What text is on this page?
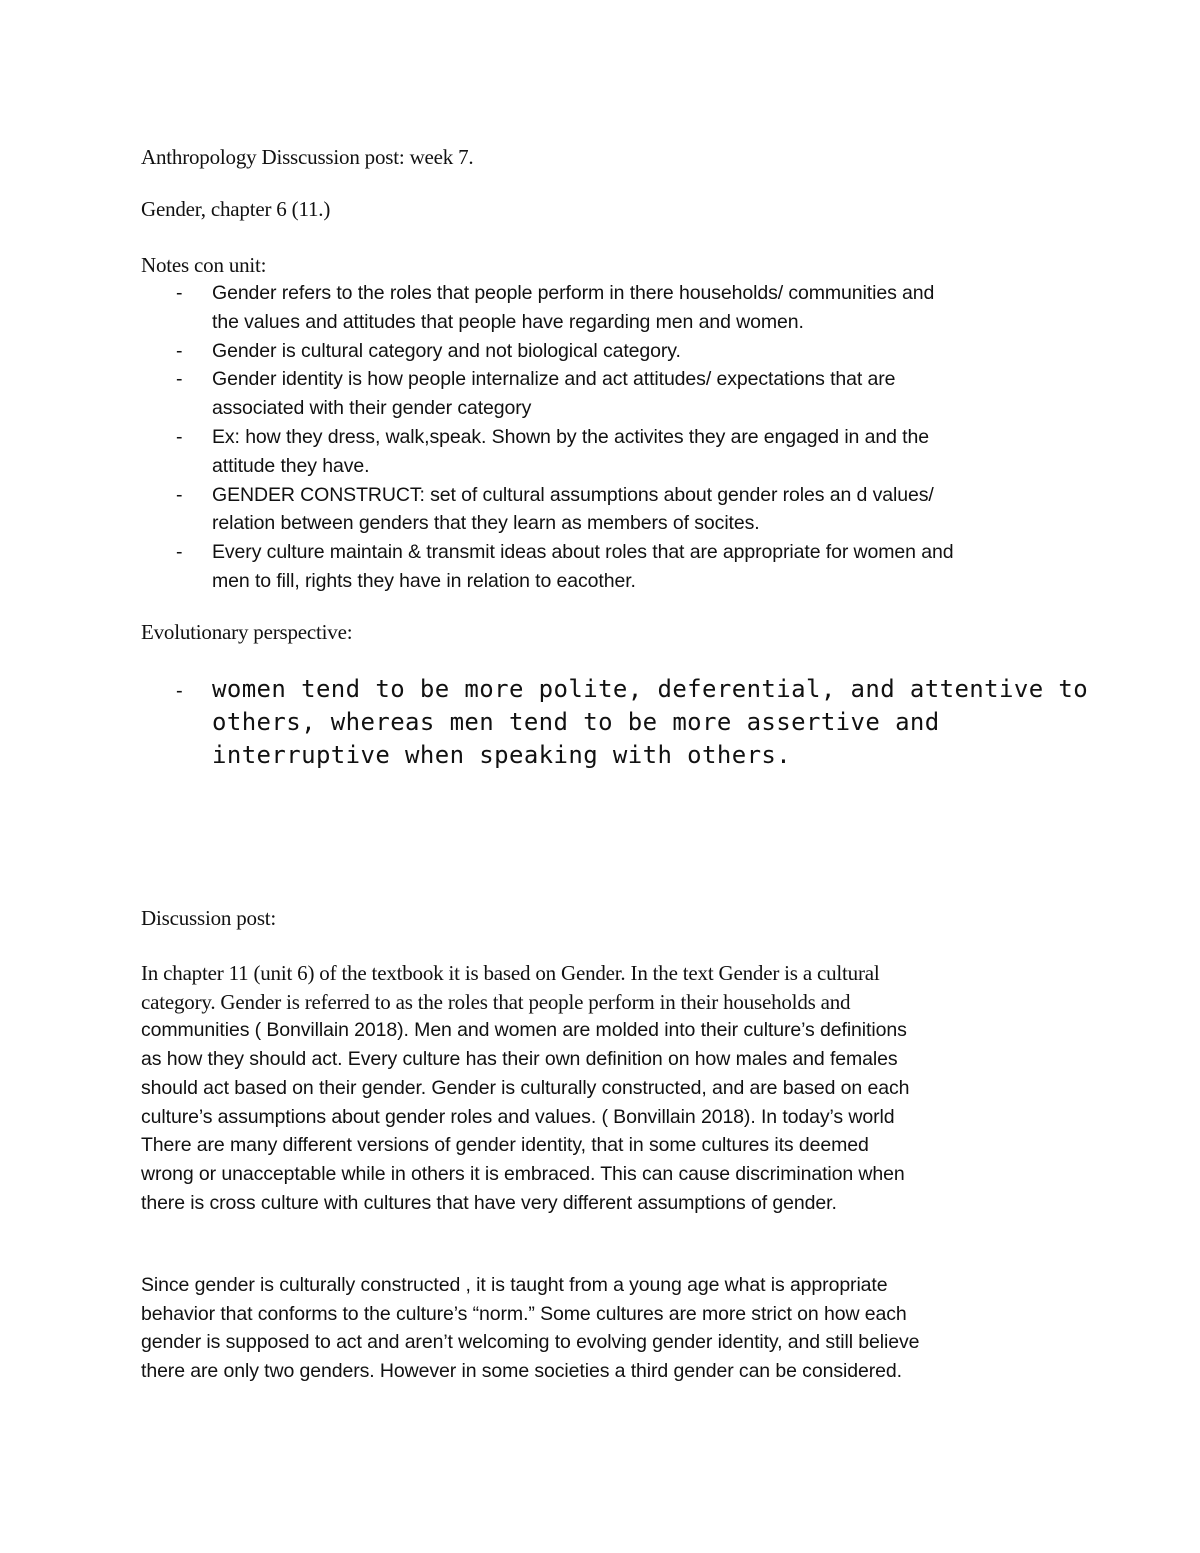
Anthropology Disscussion post: week 7.

Gender, chapter 6 (11.)

Notes con unit:

- Gender refers to the roles that people perform in there households/ communities and
the values and attitudes that people have regarding men and women.
- Gender is cultural category and not biological category.
- Gender identity is how people internalize and act attitudes/ expectations that are
associated with their gender category
- Ex: how they dress, walk,speak. Shown by the activites they are engaged in and the
attitude they have.
- GENDER CONSTRUCT: set of cultural assumptions about gender roles an d values/
relation between genders that they learn as members of socites.
- Every culture maintain & transmit ideas about roles that are appropriate for women and
men to fill, rights they have in relation to eacother.

Evolutionary perspective:

- women tend to be more polite, deferential, and attentive to
others, whereas men tend to be more assertive and
interruptive when speaking with others.

Discussion post:

In chapter 11 (unit 6) of the textbook it is based on Gender. In the text Gender is a cultural
category. Gender is referred to as the roles that people perform in their households and
communities ( Bonvillain 2018). Men and women are molded into their culture’s definitions
as how they should act. Every culture has their own definition on how males and females
should act based on their gender. Gender is culturally constructed, and are based on each
culture’s assumptions about gender roles and values. ( Bonvillain 2018). In today’s world
There are many different versions of gender identity, that in some cultures its deemed
wrong or unacceptable while in others it is embraced. This can cause discrimination when
there is cross culture with cultures that have very different assumptions of gender.
Since gender is culturally constructed , it is taught from a young age what is appropriate
behavior that conforms to the culture’s “norm.” Some cultures are more strict on how each
gender is supposed to act and aren’t welcoming to evolving gender identity, and still believe
there are only two genders. However in some societies a third gender can be considered.
